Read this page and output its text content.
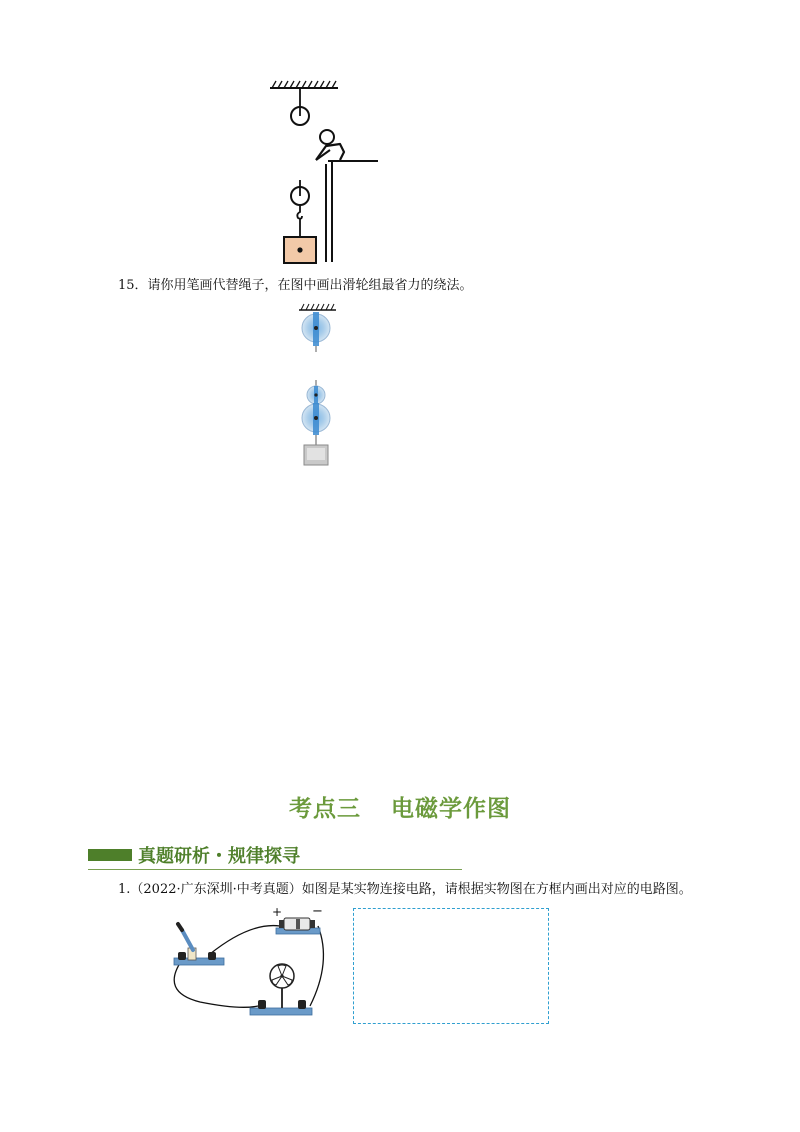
15．请你用笔画代替绳子，在图中画出滑轮组最省力的绕法。
考点三 电磁学作图
真题研析・规律探寻
1.（2022·广东深圳·中考真题）如图是某实物连接电路，请根据实物图在方框内画出对应的电路图。
+ −
